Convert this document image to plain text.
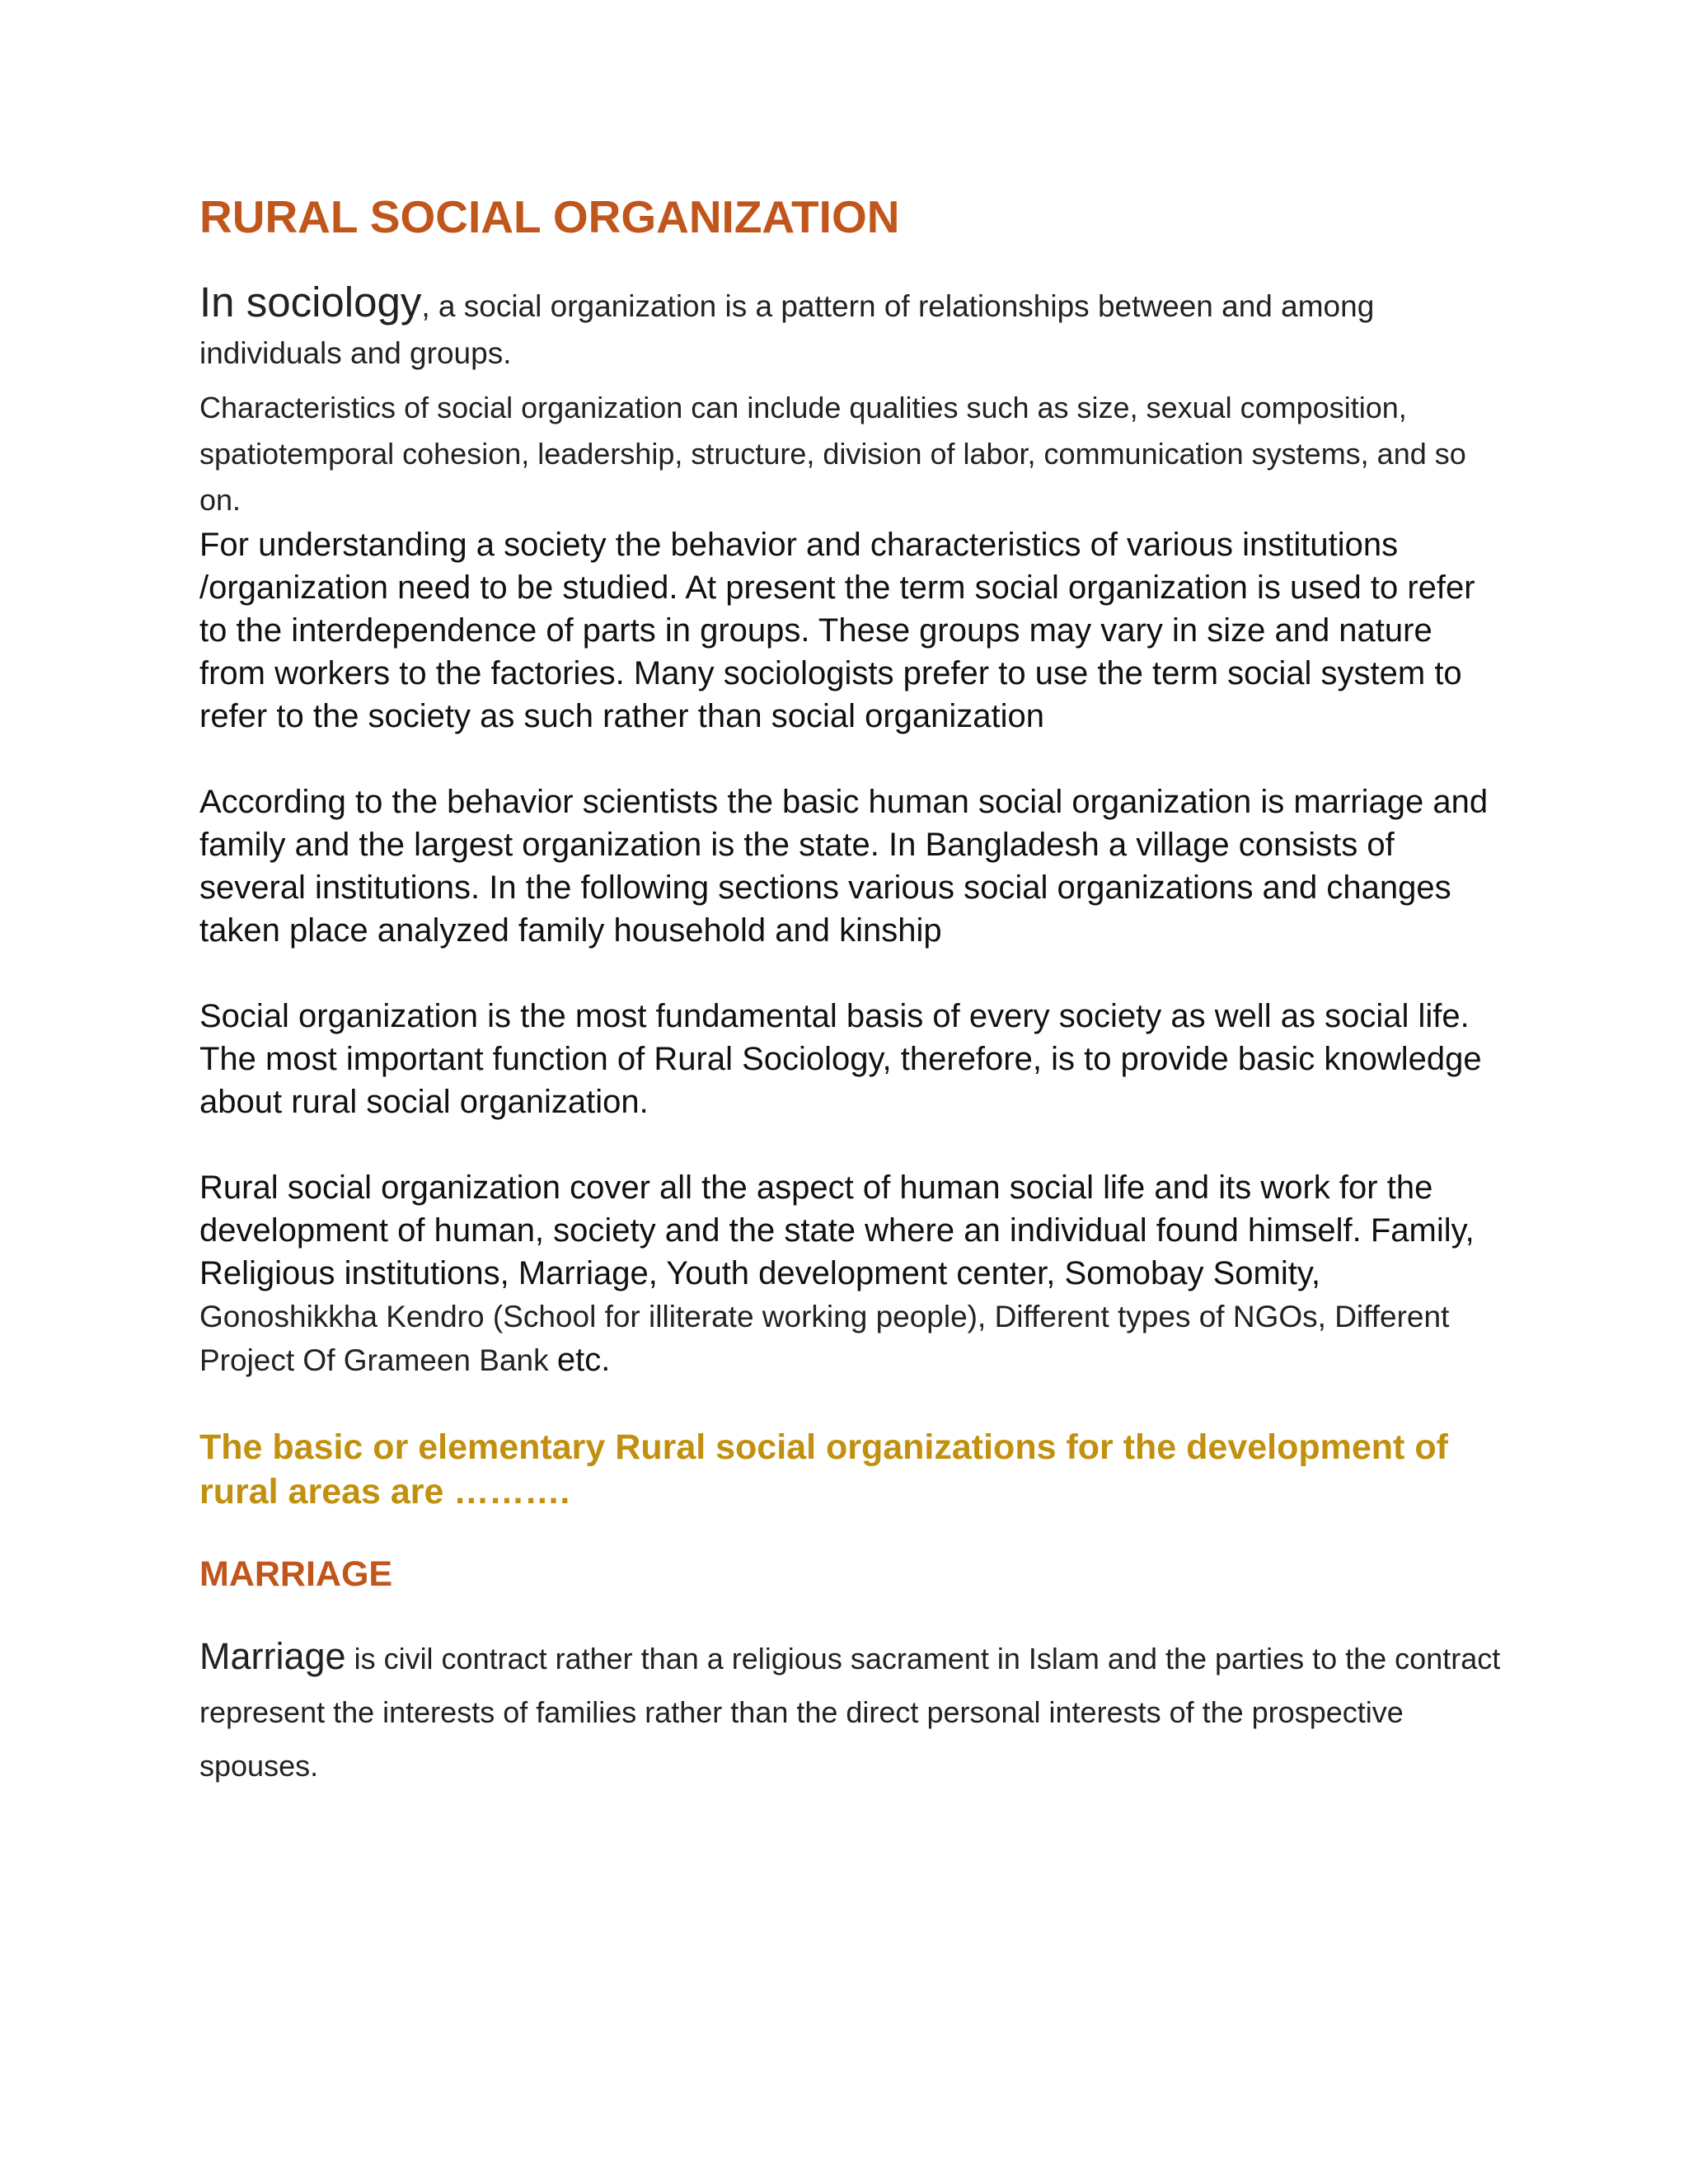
RURAL SOCIAL ORGANIZATION

In sociology, a social organization is a pattern of relationships between and among individuals and groups.

Characteristics of social organization can include qualities such as size, sexual composition, spatiotemporal cohesion, leadership, structure, division of labor, communication systems, and so on.

For understanding a society the behavior and characteristics of various institutions /organization need to be studied. At present the term social organization is used to refer to the interdependence of parts in groups. These groups may vary in size and nature from workers to the factories. Many sociologists prefer to use the term social system to refer to the society as such rather than social organization

According to the behavior scientists the basic human social organization is marriage and family and the largest organization is the state. In Bangladesh a village consists of several institutions. In the following sections various social organizations and changes taken place analyzed family household and kinship

Social organization is the most fundamental basis of every society as well as social life. The most important function of Rural Sociology, therefore, is to provide basic knowledge about rural social organization.

Rural social organization cover all the aspect of human social life and its work for the development of human, society and the state where an individual found himself. Family, Religious institutions, Marriage, Youth development center, Somobay Somity, Gonoshikkha Kendro (School for illiterate working people), Different types of NGOs, Different Project Of Grameen Bank etc.

The basic or elementary Rural social organizations for the development of rural areas are ……….

MARRIAGE

Marriage is civil contract rather than a religious sacrament in Islam and the parties to the contract represent the interests of families rather than the direct personal interests of the prospective spouses.
